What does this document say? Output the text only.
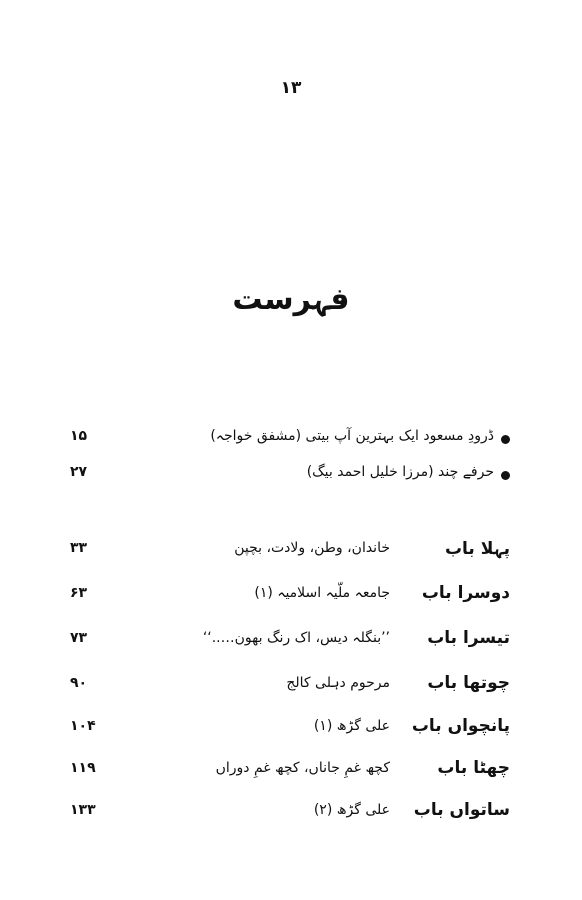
۱۳
فہرست
ڈرودِ مسعود ایک بہترین آپ بیتی (مشفق خواجہ)
۱۵
حرفے چند (مرزا خلیل احمد بیگ)
۲۷
پہلا باب
خاندان، وطن، ولادت، بچپن
۳۳
دوسرا باب
جامعہ ملّیہ اسلامیہ (۱)
۶۳
تیسرا باب
’’بنگلہ دیس، اک رنگ بھون…..‘‘
۷۳
چوتھا باب
مرحوم دہلی کالج
۹۰
پانچواں باب
علی گڑھ (۱)
۱۰۴
چھٹا باب
کچھ غمِ جاناں، کچھ غمِ دوراں
۱۱۹
ساتواں باب
علی گڑھ (۲)
۱۳۳
